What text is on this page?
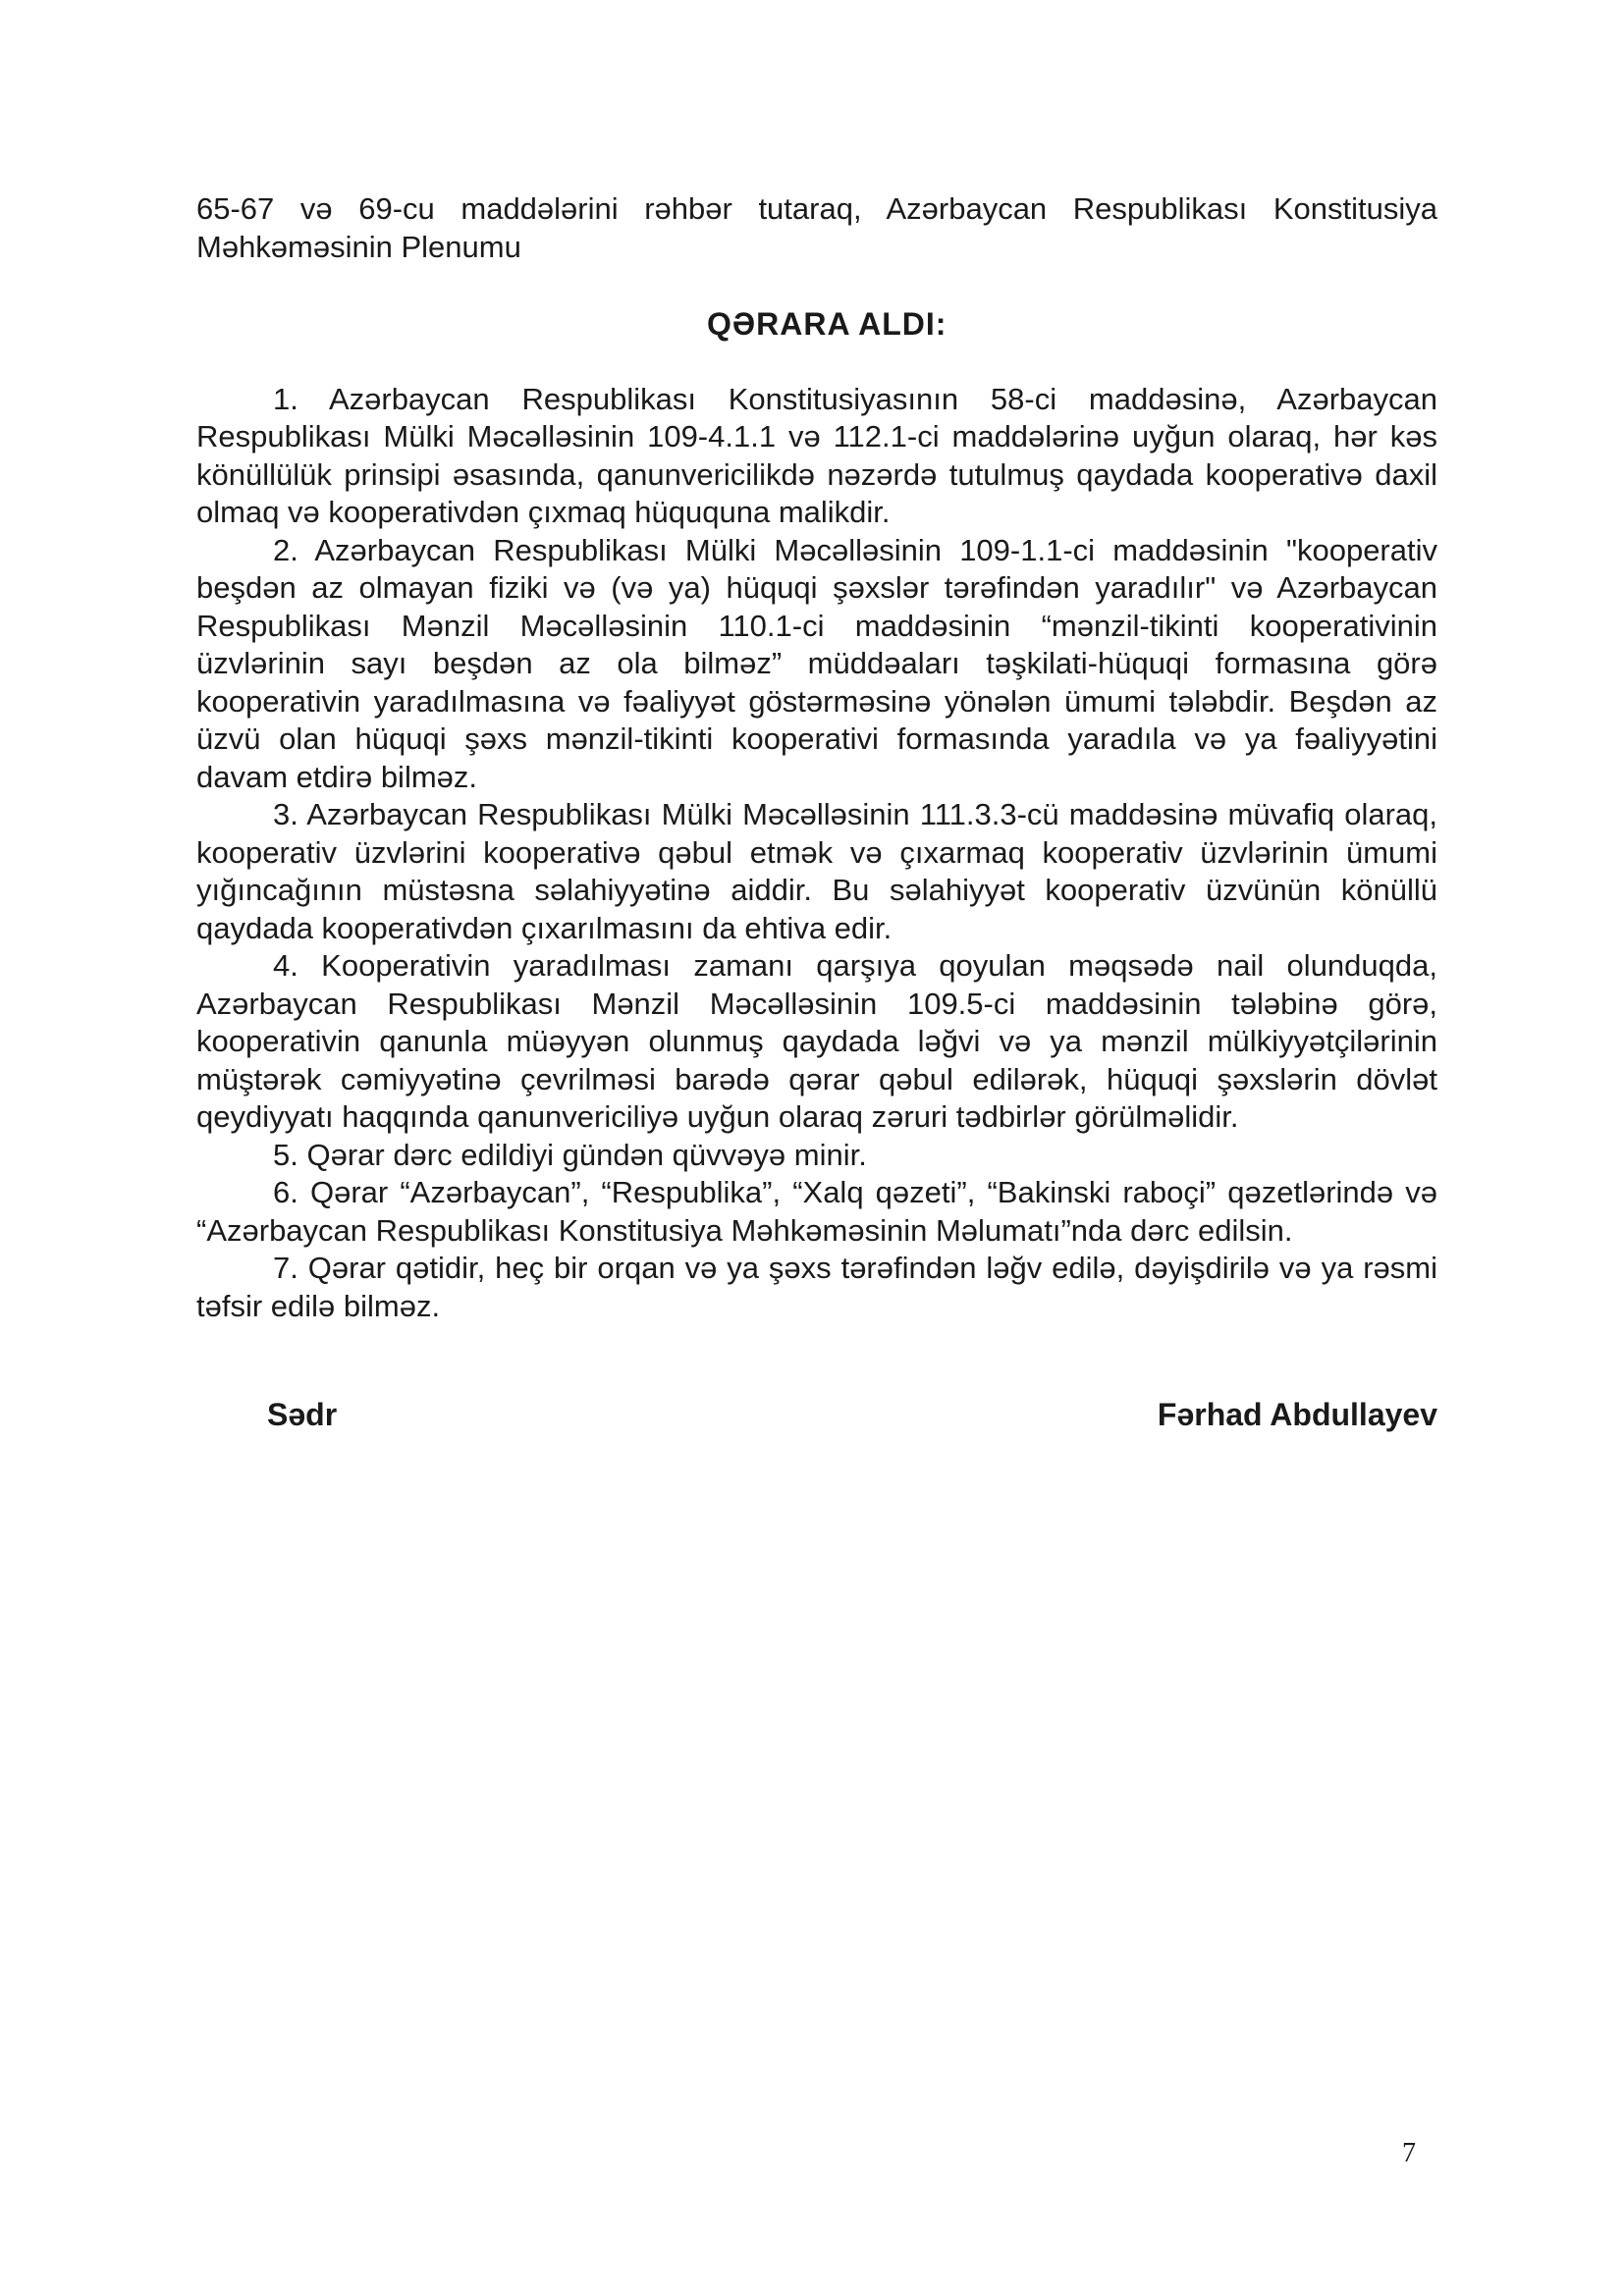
65-67 və 69-cu maddələrini rəhbər tutaraq, Azərbaycan Respublikası Konstitusiya Məhkəməsinin Plenumu

QƏRARA ALDI:

1. Azərbaycan Respublikası Konstitusiyasının 58-ci maddəsinə, Azərbaycan Respublikası Mülki Məcəlləsinin 109-4.1.1 və 112.1-ci maddələrinə uyğun olaraq, hər kəs könüllülük prinsipi əsasında, qanunvericilikdə nəzərdə tutulmuş qaydada kooperativə daxil olmaq və kooperativdən çıxmaq hüququna malikdir.

2. Azərbaycan Respublikası Mülki Məcəlləsinin 109-1.1-ci maddəsinin "kooperativ beşdən az olmayan fiziki və (və ya) hüquqi şəxslər tərəfindən yaradılır" və Azərbaycan Respublikası Mənzil Məcəlləsinin 110.1-ci maddəsinin “mənzil-tikinti kooperativinin üzvlərinin sayı beşdən az ola bilməz” müddəaları təşkilati-hüquqi formasına görə kooperativin yaradılmasına və fəaliyyət göstərməsinə yönələn ümumi tələbdir. Beşdən az üzvü olan hüquqi şəxs mənzil-tikinti kooperativi formasında yaradıla və ya fəaliyyətini davam etdirə bilməz.

3. Azərbaycan Respublikası Mülki Məcəlləsinin 111.3.3-cü maddəsinə müvafiq olaraq, kooperativ üzvlərini kooperativə qəbul etmək və çıxarmaq kooperativ üzvlərinin ümumi yığıncağının müstəsna səlahiyyətinə aiddir. Bu səlahiyyət kooperativ üzvünün könüllü qaydada kooperativdən çıxarılmasını da ehtiva edir.

4. Kooperativin yaradılması zamanı qarşıya qoyulan məqsədə nail olunduqda, Azərbaycan Respublikası Mənzil Məcəlləsinin 109.5-ci maddəsinin tələbinə görə, kooperativin qanunla müəyyən olunmuş qaydada ləğvi və ya mənzil mülkiyyətçilərinin müştərək cəmiyyətinə çevrilməsi barədə qərar qəbul edilərək, hüquqi şəxslərin dövlət qeydiyyatı haqqında qanunvericiliyə uyğun olaraq zəruri tədbirlər görülməlidir.

5. Qərar dərc edildiyi gündən qüvvəyə minir.

6. Qərar “Azərbaycan”, “Respublika”, “Xalq qəzeti”, “Bakinski raboçi” qəzetlərində və “Azərbaycan Respublikası Konstitusiya Məhkəməsinin Məlumatı”nda dərc edilsin.

7. Qərar qətidir, heç bir orqan və ya şəxs tərəfindən ləğv edilə, dəyişdirilə və ya rəsmi təfsir edilə bilməz.

Sədr	Fərhad Abdullayev
7
